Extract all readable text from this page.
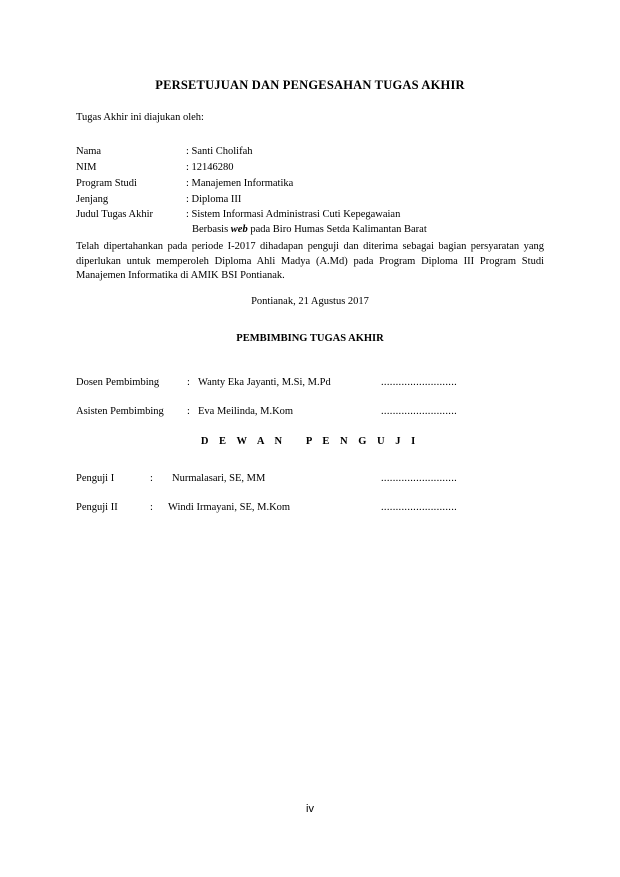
PERSETUJUAN DAN PENGESAHAN TUGAS AKHIR
Tugas Akhir ini diajukan oleh:
Nama	: Santi Cholifah
NIM	: 12146280
Program Studi	: Manajemen Informatika
Jenjang	: Diploma III
Judul Tugas Akhir	: Sistem Informasi Administrasi Cuti Kepegawaian
Berbasis web pada Biro Humas Setda Kalimantan Barat
Telah dipertahankan pada periode I-2017 dihadapan penguji dan diterima sebagai bagian persyaratan yang diperlukan untuk memperoleh Diploma Ahli Madya (A.Md) pada Program Diploma III Program Studi Manajemen Informatika di AMIK BSI Pontianak.
Pontianak, 21 Agustus 2017
PEMBIMBING TUGAS AKHIR
Dosen Pembimbing	: Wanty Eka Jayanti, M.Si, M.Pd	..........................
Asisten Pembimbing : Eva Meilinda, M.Kom	..........................
D E W A N   P E N G U J I
Penguji I	: Nurmalasari, SE, MM	..........................
Penguji II	: Windi Irmayani, SE, M.Kom	..........................
iv
